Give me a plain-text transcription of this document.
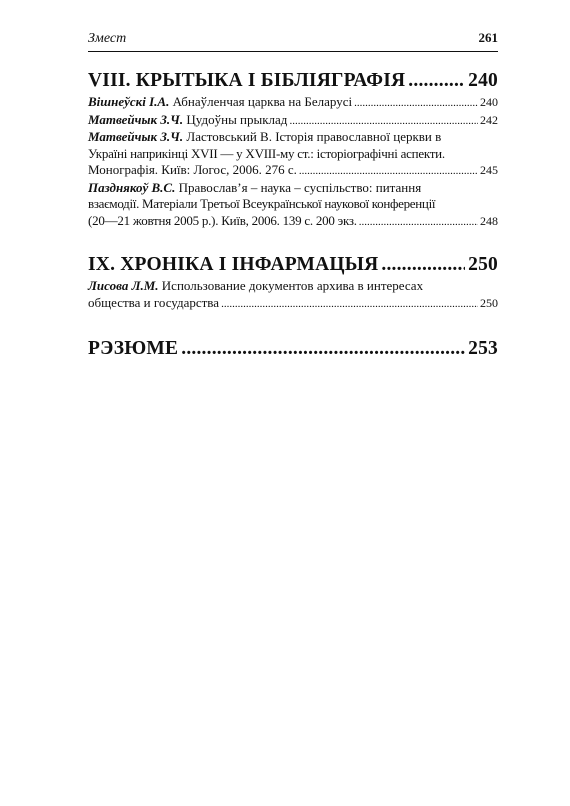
Змест	261
VIII. КРЫТЫКА І БІБЛІЯГРАФІЯ .....	240
Вішнеўскі І.А. Абнаўленчая царква на Беларусі .....	240
Матвейчык З.Ч. Цудоўны прыклад .....	242
Матвейчык З.Ч. Ластовський В. Історія православної церкви в
Україні наприкінці XVII — у XVIII-му ст.: історіографічні аспекти.
Монографія. Київ: Логос, 2006. 276 с. .....	245
Пазднякоў В.С. Православ’я – наука – суспільство: питання
взаємодії. Матеріали Третьої Всеукраїнської наукової конференції
(20—21 жовтня 2005 р.). Київ, 2006. 139 с. 200 экз. .....	248
IX. ХРОНІКА І ІНФАРМАЦЫЯ .....	250
Лисова Л.М. Использование документов архива в интересах
общества и государства .....	250
РЭЗЮМЕ .....	253
